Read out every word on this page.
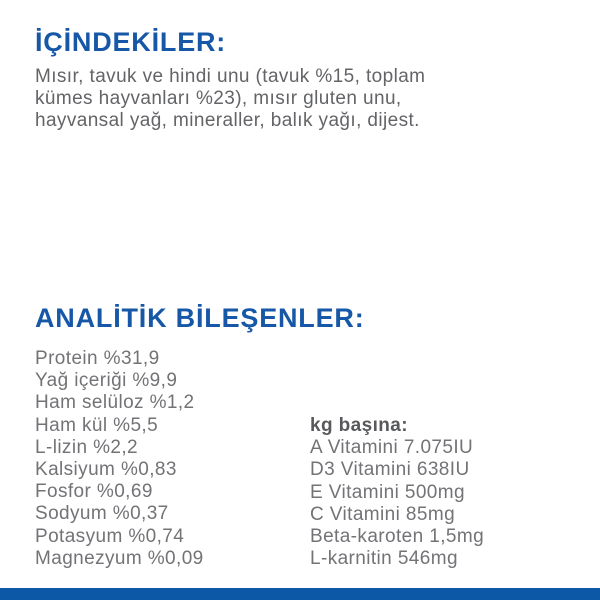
İÇİNDEKİLER:
Mısır, tavuk ve hindi unu (tavuk %15, toplam
kümes hayvanları %23), mısır gluten unu,
hayvansal yağ, mineraller, balık yağı, dijest.
ANALİTİK BİLEŞENLER:
Protein %31,9
Yağ içeriği %9,9
Ham selüloz %1,2
Ham kül %5,5
L-lizin %2,2
Kalsiyum %0,83
Fosfor %0,69
Sodyum %0,37
Potasyum %0,74
Magnezyum %0,09
kg başına:
A Vitamini 7.075IU
D3 Vitamini 638IU
E Vitamini 500mg
C Vitamini 85mg
Beta-karoten 1,5mg
L-karnitin 546mg
